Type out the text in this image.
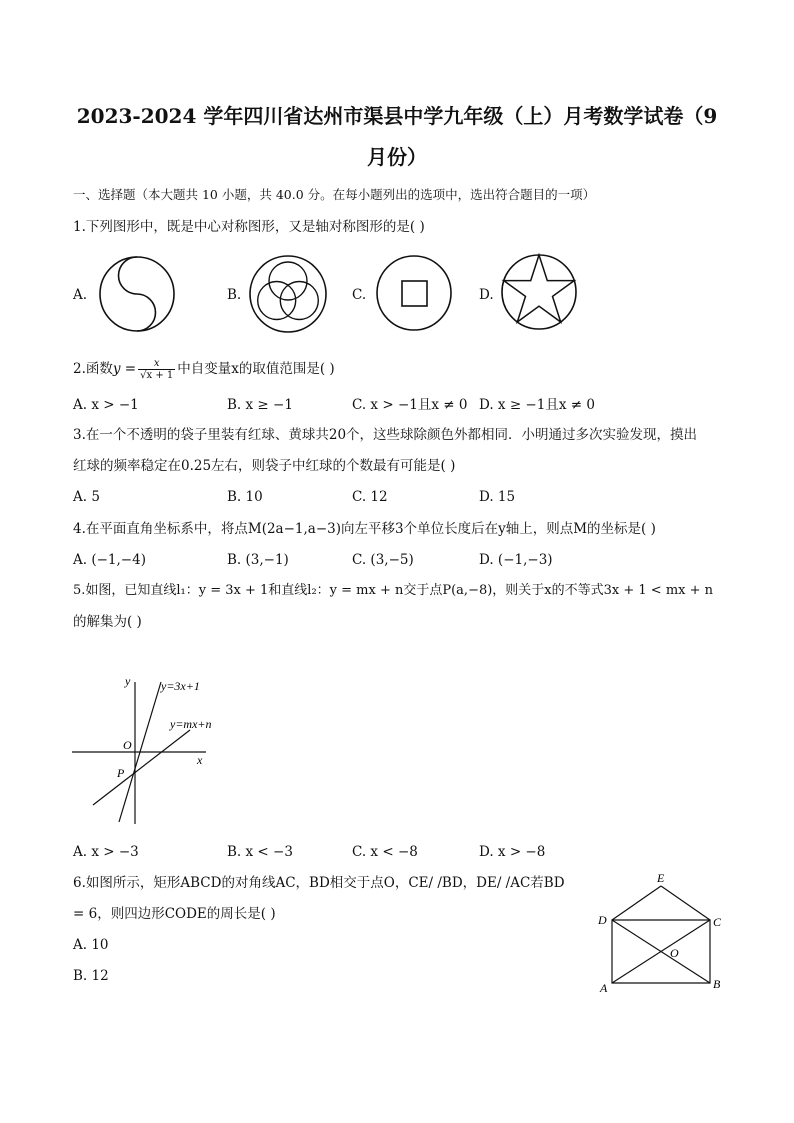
2023-2024 学年四川省达州市渠县中学九年级（上）月考数学试卷（9
月份）
一、选择题（本大题共 10 小题，共 40.0 分。在每小题列出的选项中，选出符合题目的一项）
1.下列图形中，既是中心对称图形，又是轴对称图形的是( )
A.	B.	C.	D.
2.函数$y = \frac{x}{√x + 1}$ 中自变量x的取值范围是( )
A. x > −1	B. x ≥ −1	C. x > −1且x ≠ 0 D. x ≥ −1且x ≠ 0
3.在一个不透明的袋子里装有红球、黄球共20个，这些球除颜色外都相同．小明通过多次实验发现，摸出
红球的频率稳定在0.25左右，则袋子中红球的个数最有可能是( )
A. 5	B. 10	C. 12	D. 15
4.在平面直角坐标系中，将点M(2a−1,a−3)向左平移3个单位长度后在y轴上，则点M的坐标是( )
A. (−1,−4)	B. (3,−1)	C. (3,−5)	D. (−1,−3)
5.如图，已知直线l₁：y = 3x + 1和直线l₂：y = mx + n交于点P(a,−8)，则关于x的不等式3x + 1 < mx + n
的解集为( )
y
x
O
P
y=3x+1
y=mx+n
A. x > −3	B. x < −3	C. x < −8	D. x > −8
6.如图所示，矩形ABCD的对角线AC，BD相交于点O，CE/ /BD，DE/ /AC若BD
= 6，则四边形CODE的周长是( )
A. 10
B. 12
E
D	C
A	B
O
